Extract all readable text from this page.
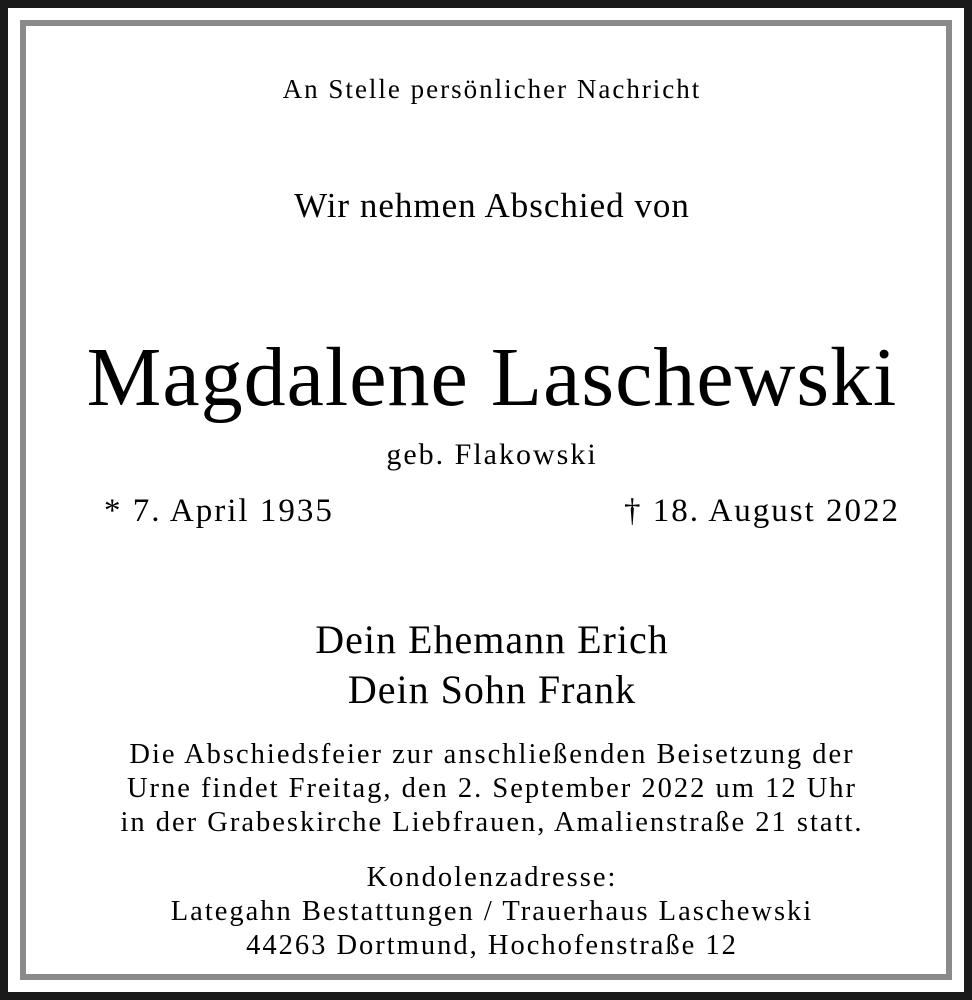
An Stelle persönlicher Nachricht

Wir nehmen Abschied von

Magdalene Laschewski

geb. Flakowski

* 7. April 1935	† 18. August 2022

Dein Ehemann Erich

Dein Sohn Frank

Die Abschiedsfeier zur anschließenden Beisetzung der

Urne findet Freitag, den 2. September 2022 um 12 Uhr

in der Grabeskirche Liebfrauen, Amalienstraße 21 statt.

Kondolenzadresse:

Lategahn Bestattungen / Trauerhaus Laschewski

44263 Dortmund, Hochofenstraße 12
